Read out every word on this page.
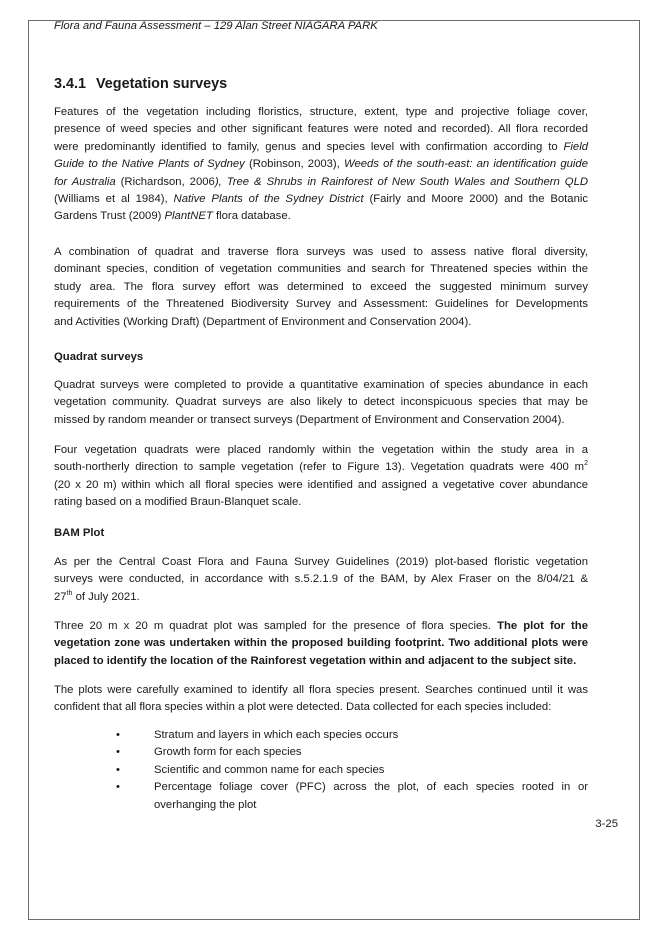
Flora and Fauna Assessment – 129 Alan Street NIAGARA PARK
3.4.1 Vegetation surveys
Features of the vegetation including floristics, structure, extent, type and projective foliage cover,
presence of weed species and other significant features were noted and recorded). All flora recorded
were predominantly identified to family, genus and species level with confirmation according to Field
Guide to the Native Plants of Sydney (Robinson, 2003), Weeds of the south-east: an identification guide
for Australia (Richardson, 2006), Tree & Shrubs in Rainforest of New South Wales and Southern QLD
(Williams et al 1984), Native Plants of the Sydney District (Fairly and Moore 2000) and the Botanic
Gardens Trust (2009) PlantNET flora database.
A combination of quadrat and traverse flora surveys was used to assess native floral diversity,
dominant species, condition of vegetation communities and search for Threatened species within the
study area. The flora survey effort was determined to exceed the suggested minimum survey
requirements of the Threatened Biodiversity Survey and Assessment: Guidelines for Developments
and Activities (Working Draft) (Department of Environment and Conservation 2004).
Quadrat surveys
Quadrat surveys were completed to provide a quantitative examination of species abundance in each
vegetation community. Quadrat surveys are also likely to detect inconspicuous species that may be
missed by random meander or transect surveys (Department of Environment and Conservation 2004).
Four vegetation quadrats were placed randomly within the vegetation within the study area in a
south-northerly direction to sample vegetation (refer to Figure 13). Vegetation quadrats were 400 $m^2$
(20 x 20 m) within which all floral species were identified and assigned a vegetative cover abundance
rating based on a modified Braun-Blanquet scale.
BAM Plot
As per the Central Coast Flora and Fauna Survey Guidelines (2019) plot-based floristic vegetation
surveys were conducted, in accordance with s.5.2.1.9 of the BAM, by Alex Fraser on the 8/04/21 &
27th of July 2021.
Three 20 m x 20 m quadrat plot was sampled for the presence of flora species. The plot for the
vegetation zone was undertaken within the proposed building footprint. Two additional plots were
placed to identify the location of the Rainforest vegetation within and adjacent to the subject site.
The plots were carefully examined to identify all flora species present. Searches continued until it was
confident that all flora species within a plot were detected. Data collected for each species included:
•	Stratum and layers in which each species occurs
•	Growth form for each species
•	Scientific and common name for each species
•	Percentage foliage cover (PFC) across the plot, of each species rooted in or
overhanging the plot
3-25
